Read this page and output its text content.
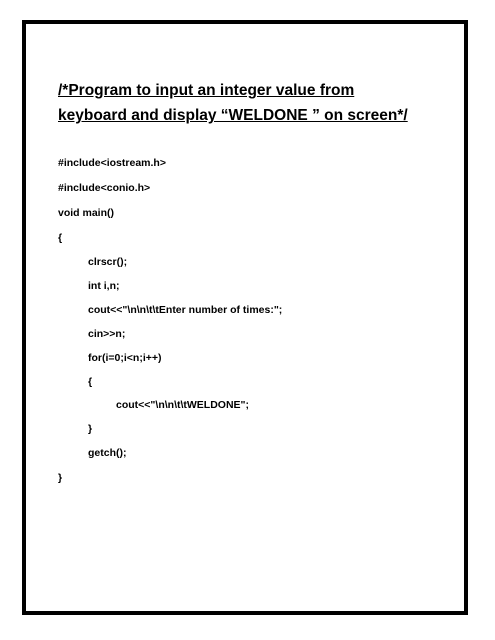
/*Program to input an integer value from
keyboard and display “WELDONE ” on screen*/
#include<iostream.h>
#include<conio.h>
void main()
{
clrscr();
int i,n;
cout<<"\n\n\t\tEnter number of times:";
cin>>n;
for(i=0;i<n;i++)
{
cout<<"\n\n\t\tWELDONE";
}
getch();
}
